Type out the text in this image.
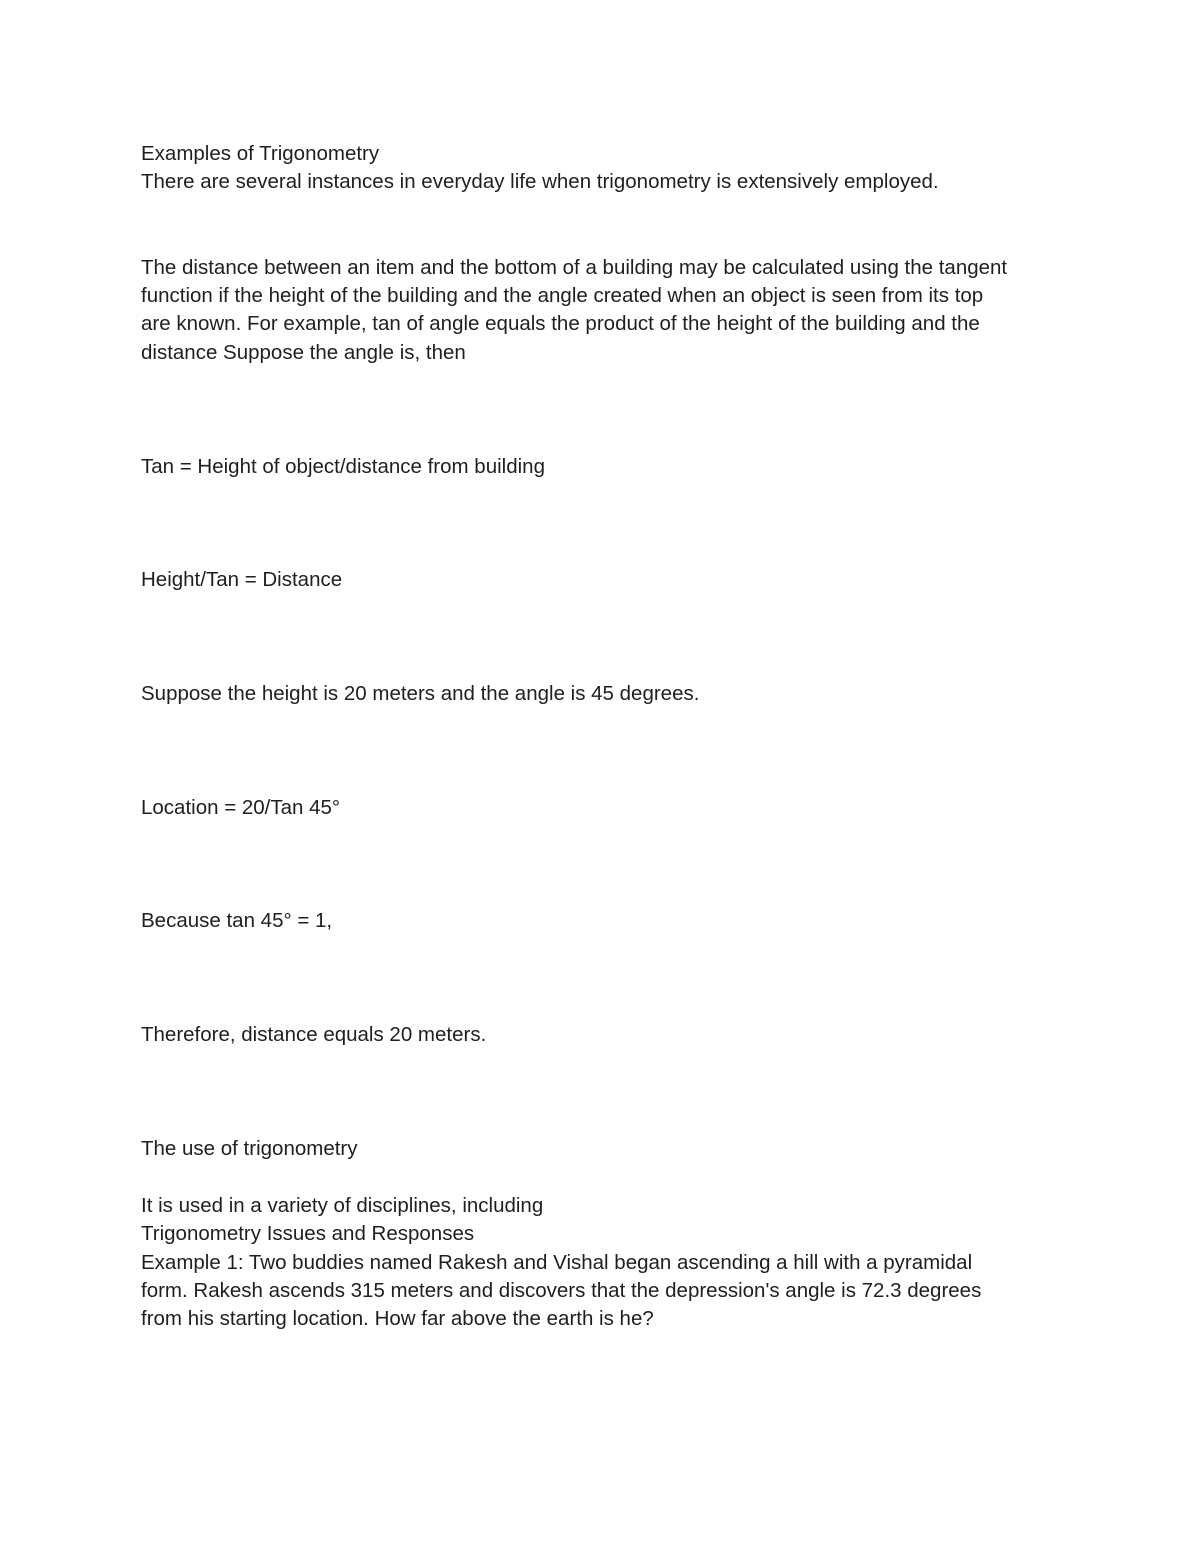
Examples of Trigonometry

There are several instances in everyday life when trigonometry is extensively employed.

The distance between an item and the bottom of a building may be calculated using the tangent

function if the height of the building and the angle created when an object is seen from its top

are known. For example, tan of angle equals the product of the height of the building and the

distance Suppose the angle is, then

Tan = Height of object/distance from building

Height/Tan = Distance

Suppose the height is 20 meters and the angle is 45 degrees.

Location = 20/Tan 45°

Because tan 45° = 1,

Therefore, distance equals 20 meters.

The use of trigonometry

It is used in a variety of disciplines, including

Trigonometry Issues and Responses

Example 1: Two buddies named Rakesh and Vishal began ascending a hill with a pyramidal

form. Rakesh ascends 315 meters and discovers that the depression's angle is 72.3 degrees

from his starting location. How far above the earth is he?
